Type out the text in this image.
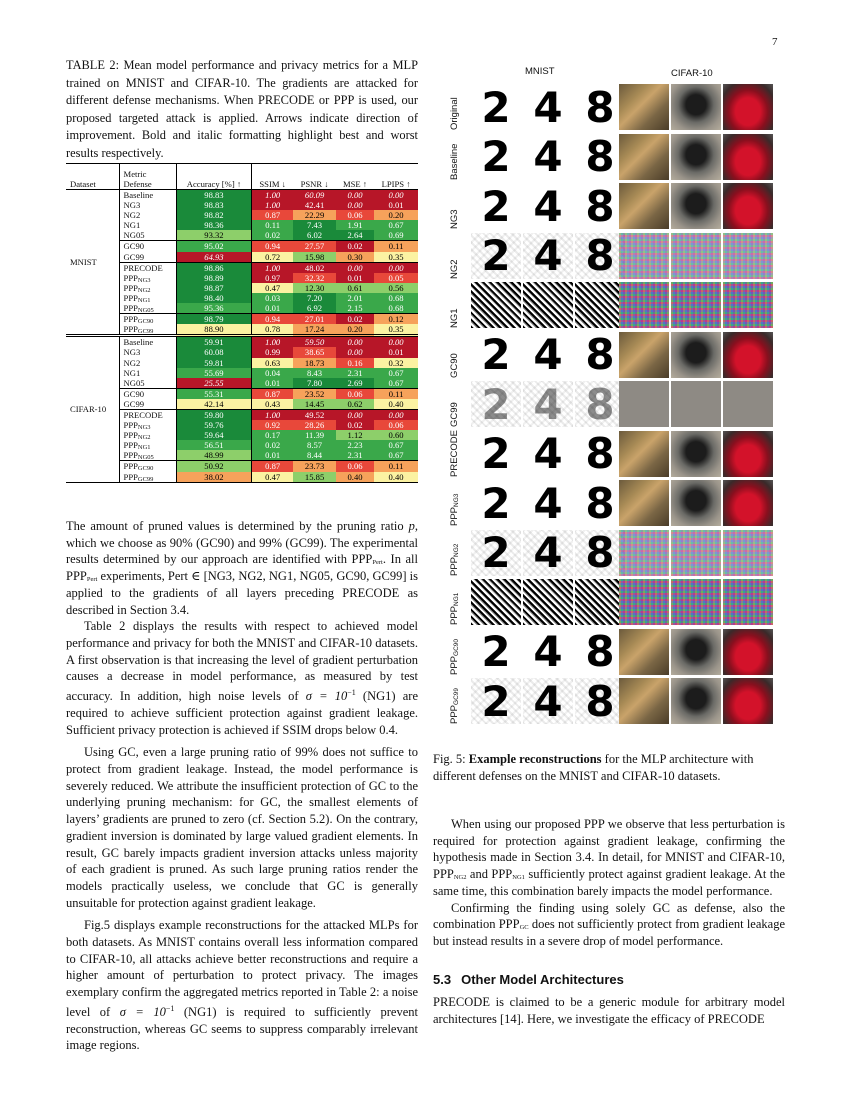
7
TABLE 2: Mean model performance and privacy metrics for a MLP trained on MNIST and CIFAR-10. The gradients are attacked for different defense mechanisms. When PRECODE or PPP is used, our proposed targeted attack is applied. Arrows indicate direction of improvement. Bold and italic formatting highlight best and worst results respectively.
Dataset	Metric
Defense	Accuracy [%] ↑	SSIM ↓	PSNR ↓	MSE ↑	LPIPS ↑
MNIST	Baseline	98.83	1.00	60.09	0.00	0.00
	NG3	98.83	1.00	42.41	0.00	0.01
	NG2	98.82	0.87	22.29	0.06	0.20
	NG1	98.36	0.11	7.43	1.91	0.67
	NG05	93.32	0.02	6.02	2.64	0.69
	GC90	95.02	0.94	27.57	0.02	0.11
	GC99	64.93	0.72	15.98	0.30	0.35
	PRECODE	98.86	1.00	48.02	0.00	0.00
	$PPP_{NG3}$	98.89	0.97	32.32	0.01	0.05
	$PPP_{NG2}$	98.87	0.47	12.30	0.61	0.56
	$PPP_{NG1}$	98.40	0.03	7.20	2.01	0.68
	$PPP_{NG05}$	95.36	0.01	6.92	2.15	0.68
	$PPP_{GC90}$	98.79	0.94	27.01	0.02	0.12
	$PPP_{GC99}$	88.90	0.78	17.24	0.20	0.35
CIFAR-10	Baseline	59.91	1.00	59.50	0.00	0.00
	NG3	60.08	0.99	38.65	0.00	0.01
	NG2	59.81	0.63	18.73	0.16	0.32
	NG1	55.69	0.04	8.43	2.31	0.67
	NG05	25.55	0.01	7.80	2.69	0.67
	GC90	55.31	0.87	23.52	0.06	0.11
	GC99	42.14	0.43	14.45	0.62	0.40
	PRECODE	59.80	1.00	49.52	0.00	0.00
	$PPP_{NG3}$	59.76	0.92	28.26	0.02	0.06
	$PPP_{NG2}$	59.64	0.17	11.39	1.12	0.60
	$PPP_{NG1}$	56.51	0.02	8.57	2.23	0.67
	$PPP_{NG05}$	48.99	0.01	8.44	2.31	0.67
	$PPP_{GC90}$	50.92	0.87	23.73	0.06	0.11
	$PPP_{GC99}$	38.02	0.47	15.85	0.40	0.40
MNIST	CIFAR-10
Original 2 4 8
Baseline 2 4 8
NG3 2 4 8
NG2 2 4 8
NG1
GC90 2 4 8
GC99 2 4 8
PRECODE 2 4 8
$PPP_{NG3}$ 2 4 8
$PPP_{NG2}$ 2 4 8
$PPP_{NG1}$
$PPP_{GC90}$ 2 4 8
$PPP_{GC99}$ 2 4 8
Fig. 5: Example reconstructions for the MLP architecture with different defenses on the MNIST and CIFAR-10 datasets.

The amount of pruned values is determined by the pruning ratio p, which we choose as 90% (GC90) and 99% (GC99). The experimental results determined by our approach are identified with $PPP_{Pert}$. In all $PPP_{Pert}$ experiments, Pert ∈ [NG3, NG2, NG1, NG05, GC90, GC99] is applied to the gradients of all layers preceding PRECODE as described in Section 3.4.

Table 2 displays the results with respect to achieved model performance and privacy for both the MNIST and CIFAR-10 datasets. A first observation is that increasing the level of gradient perturbation causes a decrease in model performance, as measured by test accuracy. In addition, high noise levels of $\sigma = 10^{-1}$ (NG1) are required to achieve sufficient protection against gradient leakage. Sufficient privacy protection is achieved if SSIM drops below 0.4.

Using GC, even a large pruning ratio of 99% does not suffice to protect from gradient leakage. Instead, the model performance is severely reduced. We attribute the insufficient protection of GC to the underlying pruning mechanism: for GC, the smallest elements of layers’ gradients are pruned to zero (cf. Section 5.2). On the contrary, gradient inversion is dominated by large valued gradient elements. In result, GC barely impacts gradient inversion attacks unless majority of each gradient is pruned. As such large pruning ratios render the models practically useless, we conclude that GC is generally unsuitable for protection against gradient leakage.

Fig.5 displays example reconstructions for the attacked MLPs for both datasets. As MNIST contains overall less information compared to CIFAR-10, all attacks achieve better reconstructions and require a higher amount of perturbation to protect privacy. The images exemplary confirm the aggregated metrics reported in Table 2: a noise level of $\sigma = 10^{-1}$ (NG1) is required to sufficiently prevent reconstruction, whereas GC seems to suppress comparably irrelevant image regions.

When using our proposed PPP we observe that less perturbation is required for protection against gradient leakage, confirming the hypothesis made in Section 3.4. In detail, for MNIST and CIFAR-10, $PPP_{NG2}$ and $PPP_{NG1}$ sufficiently protect against gradient leakage. At the same time, this combination barely impacts the model performance.

Confirming the finding using solely GC as defense, also the combination $PPP_{GC}$ does not sufficiently protect from gradient leakage but instead results in a severe drop of model performance.

5.3 Other Model Architectures

PRECODE is claimed to be a generic module for arbitrary model architectures [14]. Here, we investigate the efficacy of PRECODE
